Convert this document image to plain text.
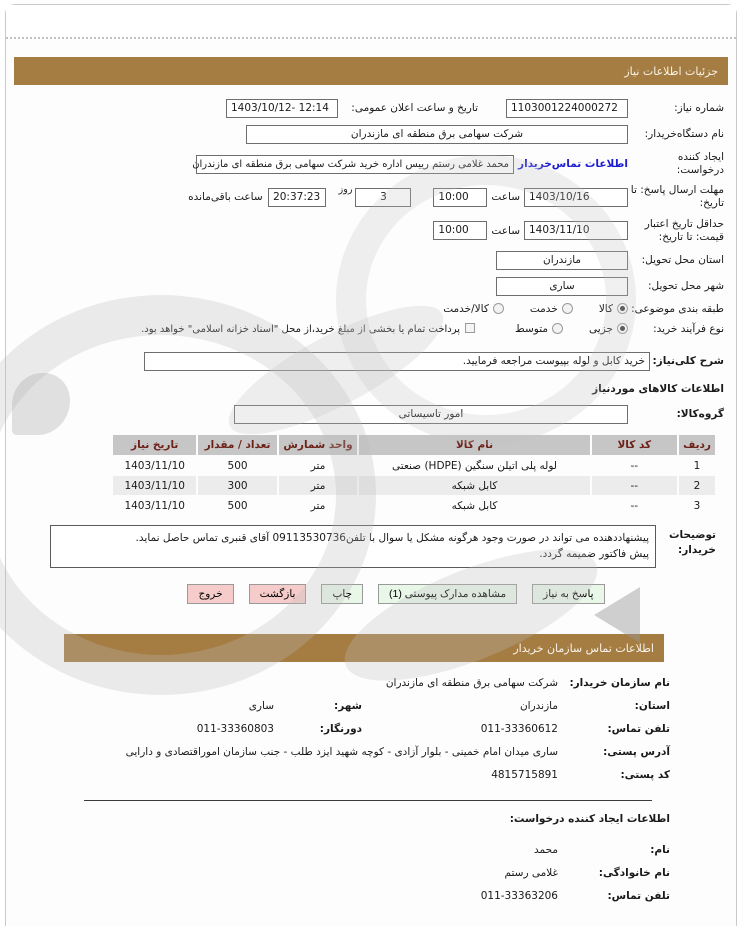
جزئیات اطلاعات نیاز
شماره نیاز:
1103001224000272
تاریخ و ساعت اعلان عمومی:
1403/10/12- 12:14
نام دستگاه‌خریدار:
شرکت سهامی برق منطقه ای مازندران
ایجاد کننده درخواست:
اطلاعات تماس‌خریدار
محمد غلامی رستم رییس اداره خرید شرکت سهامی برق منطقه ای مازندران
مهلت ارسال پاسخ: تا تاریخ:
1403/10/16
ساعت
10:00
3
روز
20:37:23
ساعت باقی‌مانده
حداقل تاریخ اعتبار قیمت: تا تاریخ:
1403/11/10
ساعت
10:00
استان محل تحویل:
مازندران
شهر محل تحویل:
ساری
طبقه بندی موضوعی:
کالا
خدمت
کالا/خدمت
نوع فرآیند خرید:
جزیی
متوسط
پرداخت تمام یا بخشی از مبلغ خرید،از محل "اسناد خزانه اسلامی" خواهد بود.
شرح کلی‌نیاز:
خرید کابل و لوله بپیوست مراجعه فرمایید.
اطلاعات کالاهای موردنیاز
گروه‌کالا:
امور تاسیساتی
ردیف	کد کالا	نام کالا	واحد شمارش	تعداد / مقدار	تاریخ نیاز
1	--	لوله پلی اتیلن سنگین (HDPE) صنعتی	متر	500	1403/11/10
2	--	کابل شبکه	متر	300	1403/11/10
3	--	کابل شبکه	متر	500	1403/11/10
توضیحات خریدار:
پیشنهاددهنده می تواند در صورت وجود هرگونه مشکل یا سوال با تلفن09113530736 آقای قنبری تماس حاصل نماید.
پیش فاکتور ضمیمه گردد.
پاسخ به نیاز
مشاهده مدارک پیوستی (1)
چاپ
بازگشت
خروج
اطلاعات تماس سازمان خریدار
نام سازمان خریدار:
شرکت سهامی برق منطقه ای مازندران
استان:
مازندران
شهر:
ساری
تلفن تماس:
011-33360612
دورنگار:
011-33360803
آدرس پستی:
ساری میدان امام خمینی - بلوار آزادی - کوچه شهید ایزد طلب - جنب سازمان اموراقتصادی و دارایی
کد پستی:
4815715891
اطلاعات ایجاد کننده درخواست:
نام:
محمد
نام خانوادگی:
غلامی رستم
تلفن تماس:
011-33363206
